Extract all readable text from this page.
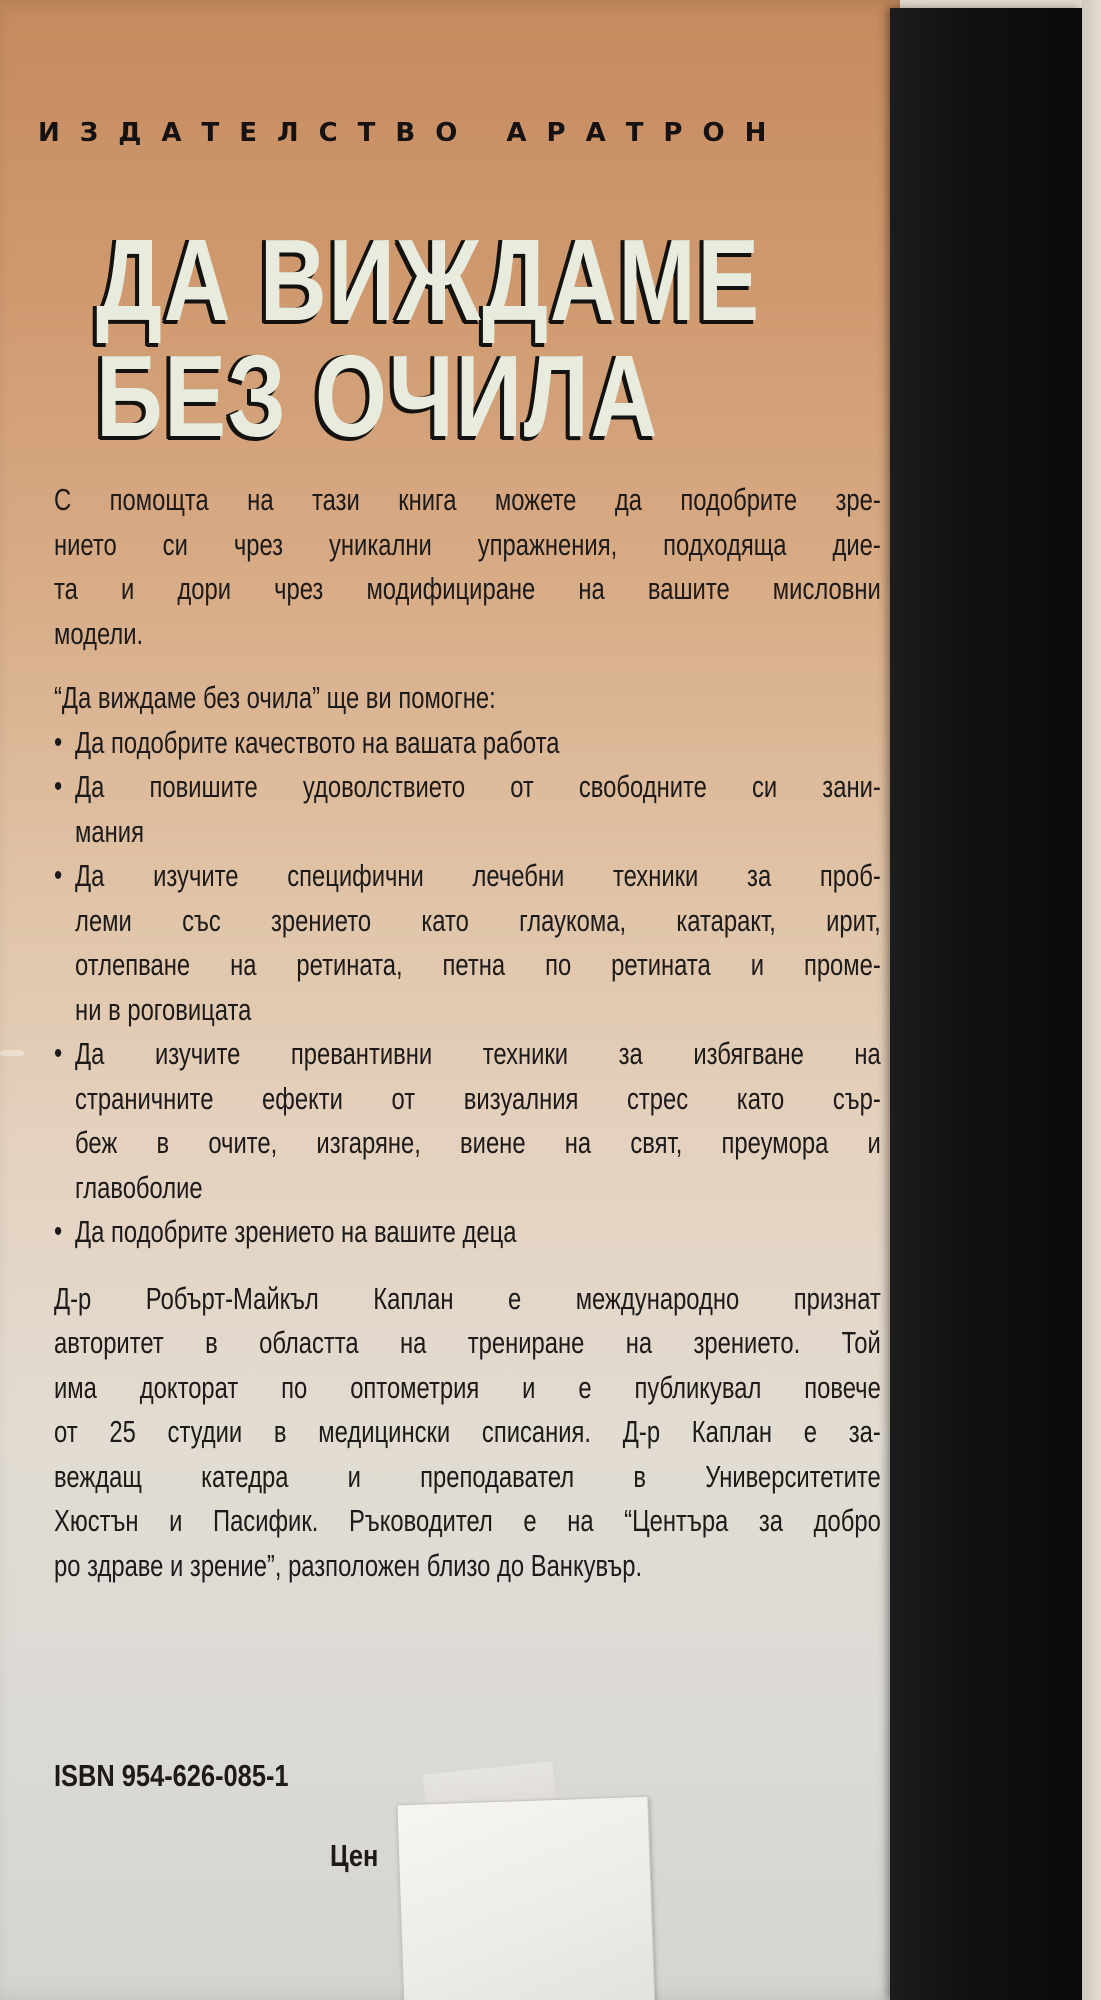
ИЗДАТЕЛСТВО АРАТРОН

ДА ВИЖДАМЕ
БЕЗ ОЧИЛА

С помощта на тази книга можете да подобрите зре-
нието си чрез уникални упражнения, подходяща дие-
та и дори чрез модифициране на вашите мисловни
модели.

“Да виждаме без очила” ще ви помогне:

• Да подобрите качеството на вашата работа
• Да повишите удоволствието от свободните си зани-
мания
• Да изучите специфични лечебни техники за проб-
леми със зрението като глаукома, катаракт, ирит,
отлепване на ретината, петна по ретината и проме-
ни в роговицата
• Да изучите превантивни техники за избягване на
страничните ефекти от визуалния стрес като сър-
беж в очите, изгаряне, виене на свят, преумора и
главоболие
• Да подобрите зрението на вашите деца

Д-р Робърт-Майкъл Каплан е международно признат
авторитет в областта на трениране на зрението. Той
има докторат по оптометрия и е публикувал повече
от 25 студии в медицински списания. Д-р Каплан е за-
веждащ катедра и преподавател в Университетите
Хюстън и Пасифик. Ръководител е на “Центъра за добро
ро здраве и зрение”, разположен близо до Ванкувър.

ISBN 954-626-085-1
Цен
